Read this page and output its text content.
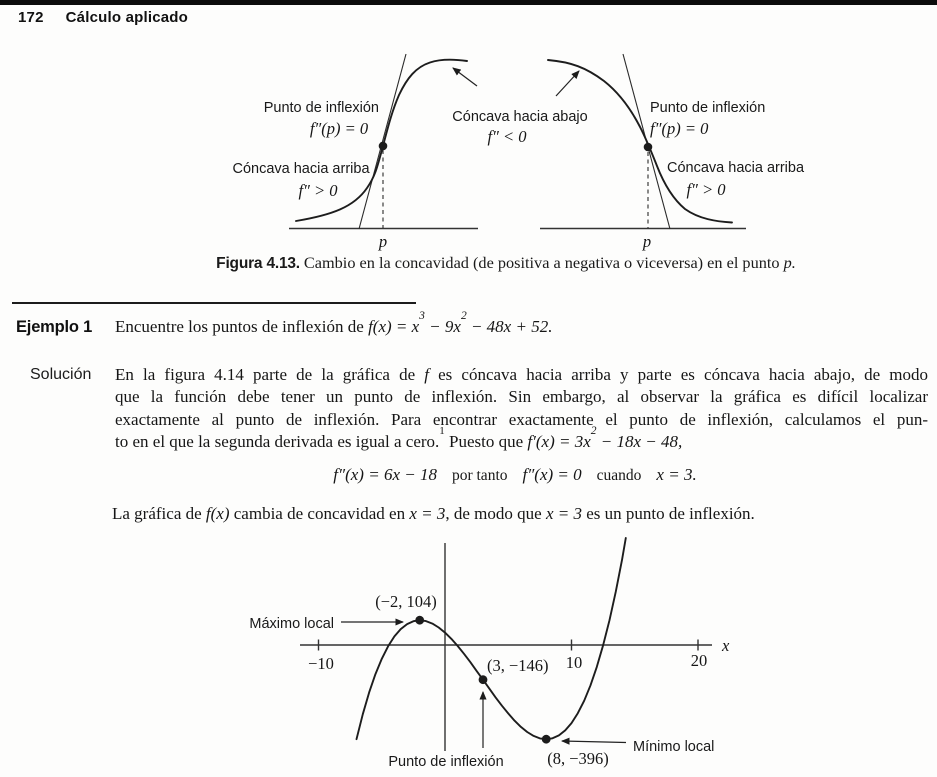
172 Cálculo aplicado
Punto de inflexión
f″(p) = 0
Cóncava hacia arriba
f″ > 0
p
Cóncava hacia abajo
f″ < 0
Punto de inflexión
f″(p) = 0
Cóncava hacia arriba
f″ > 0
p
−10	10	20
x
(−2, 104)
Máximo local
(3, −146)
Punto de inflexión	(8, −396)
Mínimo local
Figura 4.13. Cambio en la concavidad (de positiva a negativa o viceversa) en el punto p.
Ejemplo 1 Encuentre los puntos de inflexión de $f(x) = x^3 - 9x^2 - 48x + 52$.
Solución En la figura 4.14 parte de la gráfica de f es cóncava hacia arriba y parte es cóncava hacia abajo, de modo
que la función debe tener un punto de inflexión. Sin embargo, al observar la gráfica es difícil localizar
exactamente al punto de inflexión. Para encontrar exactamente el punto de inflexión, calculamos el pun-
to en el que la segunda derivada es igual a cero.$^1$ Puesto que $f'(x) = 3x^2 - 18x - 48$,
f″(x) = 6x − 18 por tanto f″(x) = 0 cuando x = 3.
La gráfica de f(x) cambia de concavidad en x = 3, de modo que x = 3 es un punto de inflexión.
